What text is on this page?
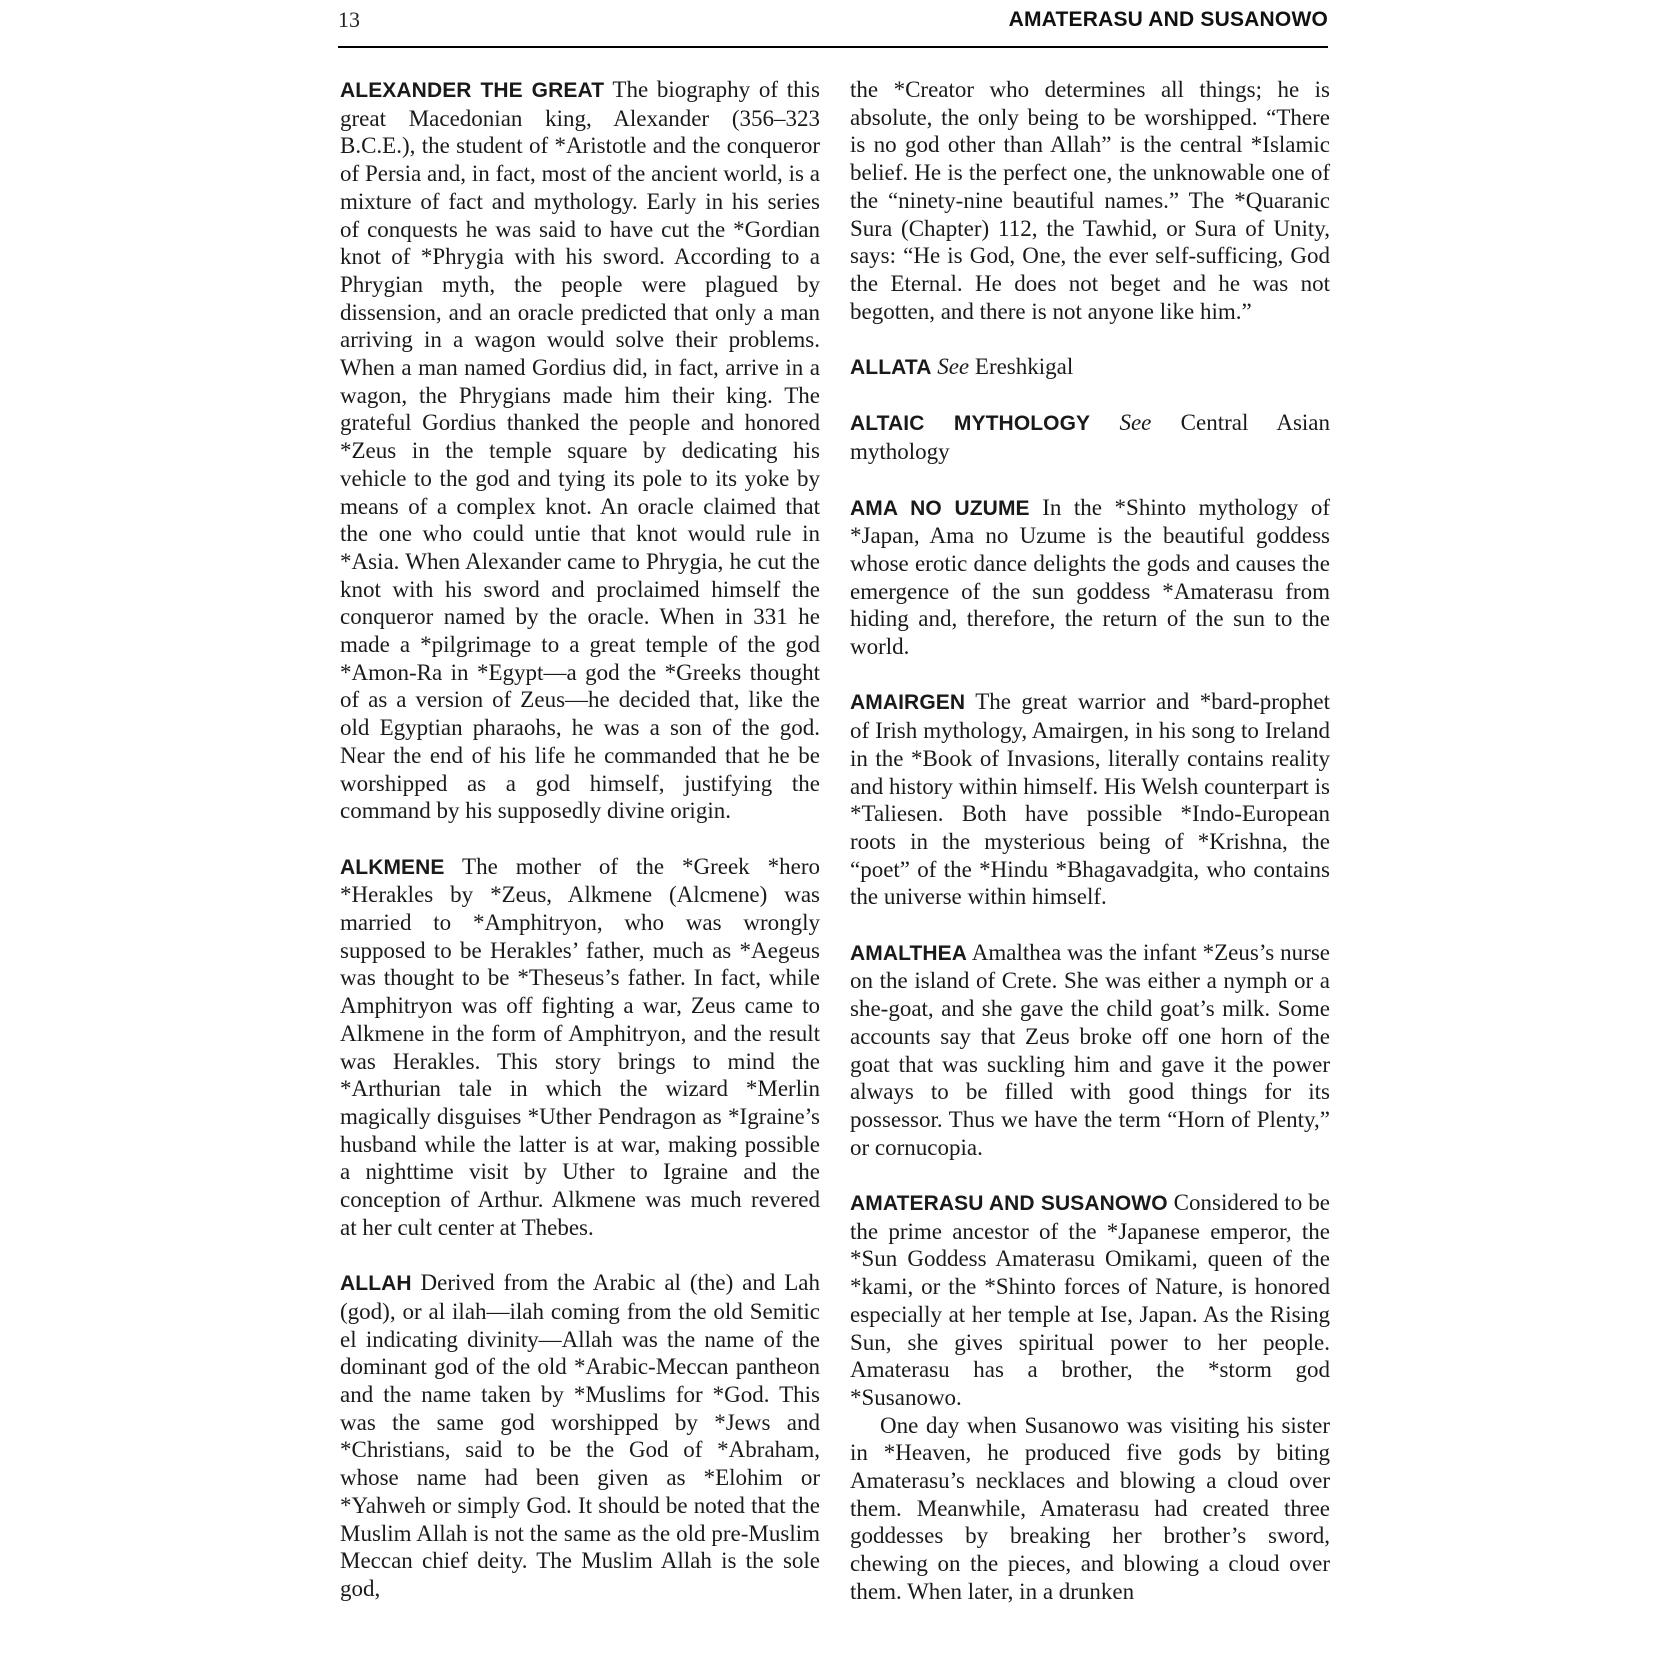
13	AMATERASU AND SUSANOWO

ALEXANDER THE GREAT The biography of this great Macedonian king, Alexander (356–323 B.C.E.), the student of *Aristotle and the conqueror of Persia and, in fact, most of the ancient world, is a mixture of fact and mythology. Early in his series of conquests he was said to have cut the *Gordian knot of *Phrygia with his sword. According to a Phrygian myth, the people were plagued by dissension, and an oracle predicted that only a man arriving in a wagon would solve their problems. When a man named Gordius did, in fact, arrive in a wagon, the Phrygians made him their king. The grateful Gordius thanked the people and honored *Zeus in the temple square by dedicating his vehicle to the god and tying its pole to its yoke by means of a complex knot. An oracle claimed that the one who could untie that knot would rule in *Asia. When Alexander came to Phrygia, he cut the knot with his sword and proclaimed himself the conqueror named by the oracle. When in 331 he made a *pilgrimage to a great temple of the god *Amon-Ra in *Egypt—a god the *Greeks thought of as a version of Zeus—he decided that, like the old Egyptian pharaohs, he was a son of the god. Near the end of his life he commanded that he be worshipped as a god himself, justifying the command by his supposedly divine origin.

ALKMENE The mother of the *Greek *hero *Herakles by *Zeus, Alkmene (Alcmene) was married to *Amphitryon, who was wrongly supposed to be Herakles’ father, much as *Aegeus was thought to be *Theseus’s father. In fact, while Amphitryon was off fighting a war, Zeus came to Alkmene in the form of Amphitryon, and the result was Herakles. This story brings to mind the *Arthurian tale in which the wizard *Merlin magically disguises *Uther Pendragon as *Igraine’s husband while the latter is at war, making possible a nighttime visit by Uther to Igraine and the conception of Arthur. Alkmene was much revered at her cult center at Thebes.

ALLAH Derived from the Arabic al (the) and Lah (god), or al ilah—ilah coming from the old Semitic el indicating divinity—Allah was the name of the dominant god of the old *Arabic-Meccan pantheon and the name taken by *Muslims for *God. This was the same god worshipped by *Jews and *Christians, said to be the God of *Abraham, whose name had been given as *Elohim or *Yahweh or simply God. It should be noted that the Muslim Allah is not the same as the old pre-Muslim Meccan chief deity. The Muslim Allah is the sole god,

the *Creator who determines all things; he is absolute, the only being to be worshipped. “There is no god other than Allah” is the central *Islamic belief. He is the perfect one, the unknowable one of the “ninety-nine beautiful names.” The *Quaranic Sura (Chapter) 112, the Tawhid, or Sura of Unity, says: “He is God, One, the ever self-sufficing, God the Eternal. He does not beget and he was not begotten, and there is not anyone like him.”

ALLATA See Ereshkigal

ALTAIC MYTHOLOGY See Central Asian mythology

AMA NO UZUME In the *Shinto mythology of *Japan, Ama no Uzume is the beautiful goddess whose erotic dance delights the gods and causes the emergence of the sun goddess *Amaterasu from hiding and, therefore, the return of the sun to the world.

AMAIRGEN The great warrior and *bard-prophet of Irish mythology, Amairgen, in his song to Ireland in the *Book of Invasions, literally contains reality and history within himself. His Welsh counterpart is *Taliesen. Both have possible *Indo-European roots in the mysterious being of *Krishna, the “poet” of the *Hindu *Bhagavadgita, who contains the universe within himself.

AMALTHEA Amalthea was the infant *Zeus’s nurse on the island of Crete. She was either a nymph or a she-goat, and she gave the child goat’s milk. Some accounts say that Zeus broke off one horn of the goat that was suckling him and gave it the power always to be filled with good things for its possessor. Thus we have the term “Horn of Plenty,” or cornucopia.

AMATERASU AND SUSANOWO Considered to be the prime ancestor of the *Japanese emperor, the *Sun Goddess Amaterasu Omikami, queen of the *kami, or the *Shinto forces of Nature, is honored especially at her temple at Ise, Japan. As the Rising Sun, she gives spiritual power to her people. Amaterasu has a brother, the *storm god *Susanowo.

One day when Susanowo was visiting his sister in *Heaven, he produced five gods by biting Amaterasu’s necklaces and blowing a cloud over them. Meanwhile, Amaterasu had created three goddesses by breaking her brother’s sword, chewing on the pieces, and blowing a cloud over them. When later, in a drunken
